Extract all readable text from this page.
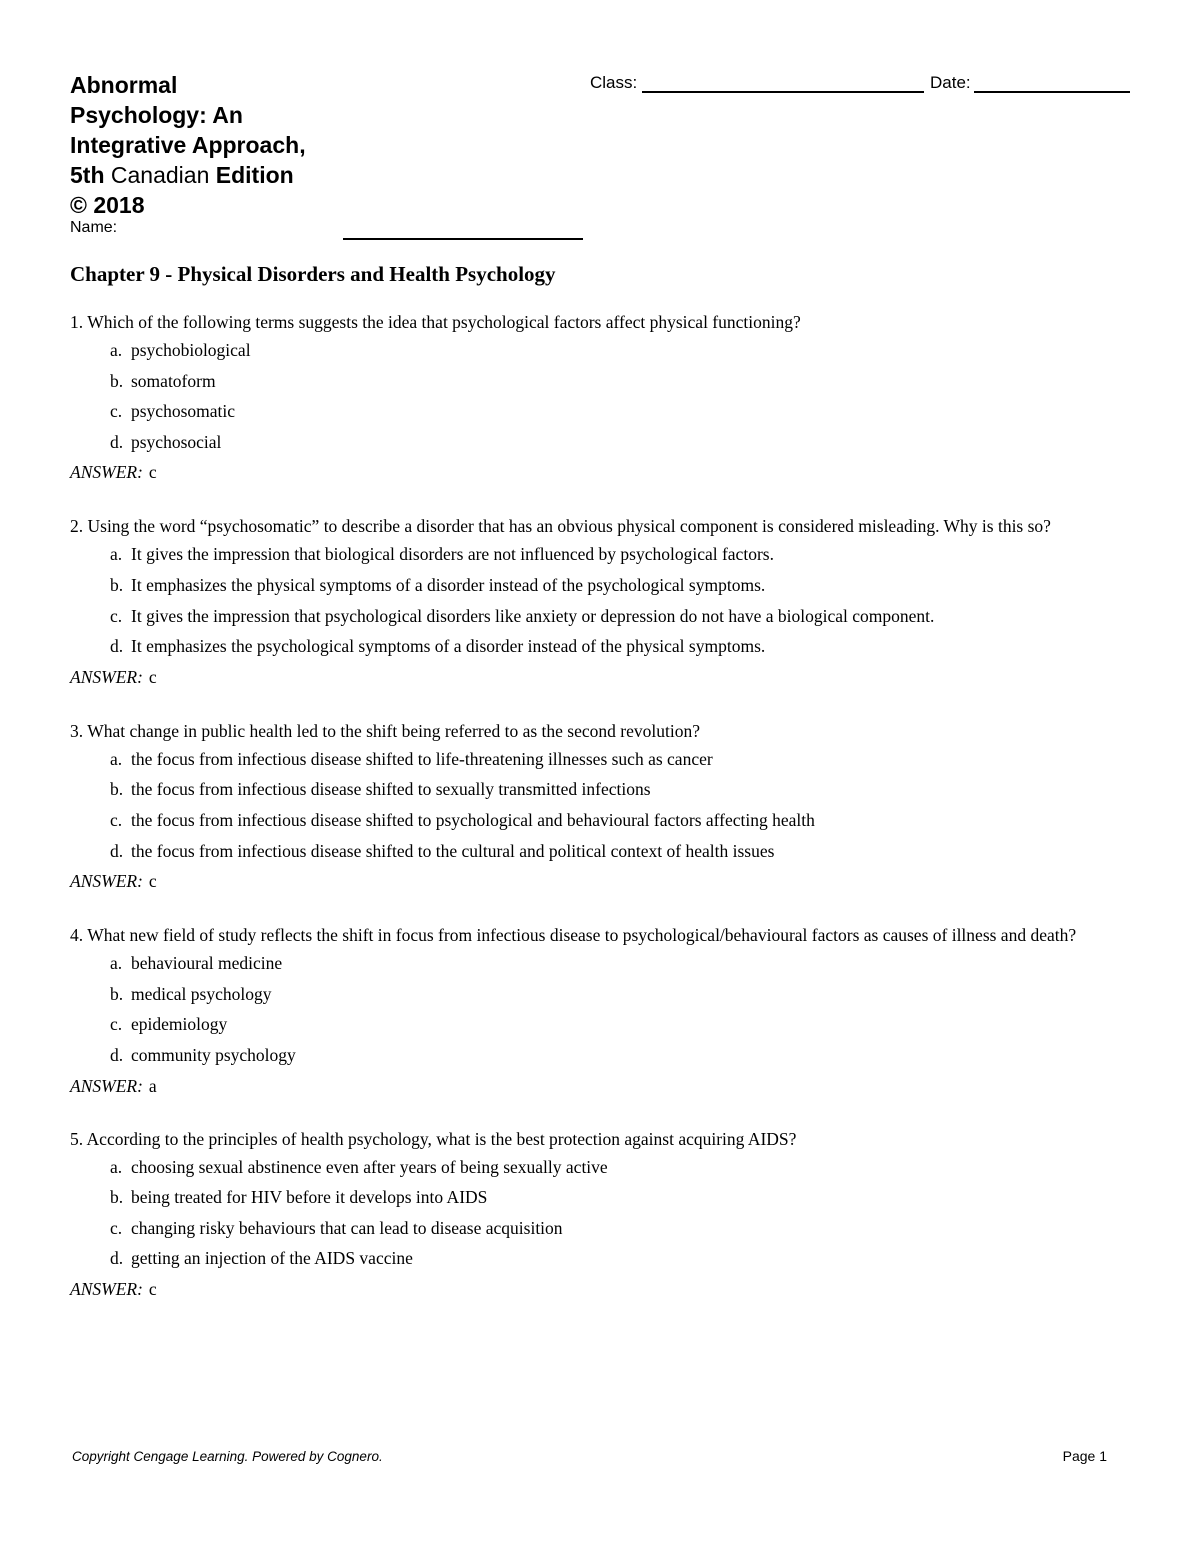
Abnormal
Psychology: An
Integrative Approach,
5th Canadian Edition
© 2018
Name:
Class:	Date:
Chapter 9 - Physical Disorders and Health Psychology

1. Which of the following terms suggests the idea that psychological factors affect physical functioning?

a. psychobiological
b. somatoform
c. psychosomatic
d. psychosocial

ANSWER: c

2. Using the word “psychosomatic” to describe a disorder that has an obvious physical component is considered misleading. Why is this so?

a. It gives the impression that biological disorders are not influenced by psychological factors.
b. It emphasizes the physical symptoms of a disorder instead of the psychological symptoms.
c. It gives the impression that psychological disorders like anxiety or depression do not have a biological component.
d. It emphasizes the psychological symptoms of a disorder instead of the physical symptoms.

ANSWER: c

3. What change in public health led to the shift being referred to as the second revolution?

a. the focus from infectious disease shifted to life-threatening illnesses such as cancer
b. the focus from infectious disease shifted to sexually transmitted infections
c. the focus from infectious disease shifted to psychological and behavioural factors affecting health
d. the focus from infectious disease shifted to the cultural and political context of health issues

ANSWER: c

4. What new field of study reflects the shift in focus from infectious disease to psychological/behavioural factors as causes of illness and death?

a. behavioural medicine
b. medical psychology
c. epidemiology
d. community psychology

ANSWER: a

5. According to the principles of health psychology, what is the best protection against acquiring AIDS?

a. choosing sexual abstinence even after years of being sexually active
b. being treated for HIV before it develops into AIDS
c. changing risky behaviours that can lead to disease acquisition
d. getting an injection of the AIDS vaccine

ANSWER: c

Copyright Cengage Learning. Powered by Cognero.	Page 1
